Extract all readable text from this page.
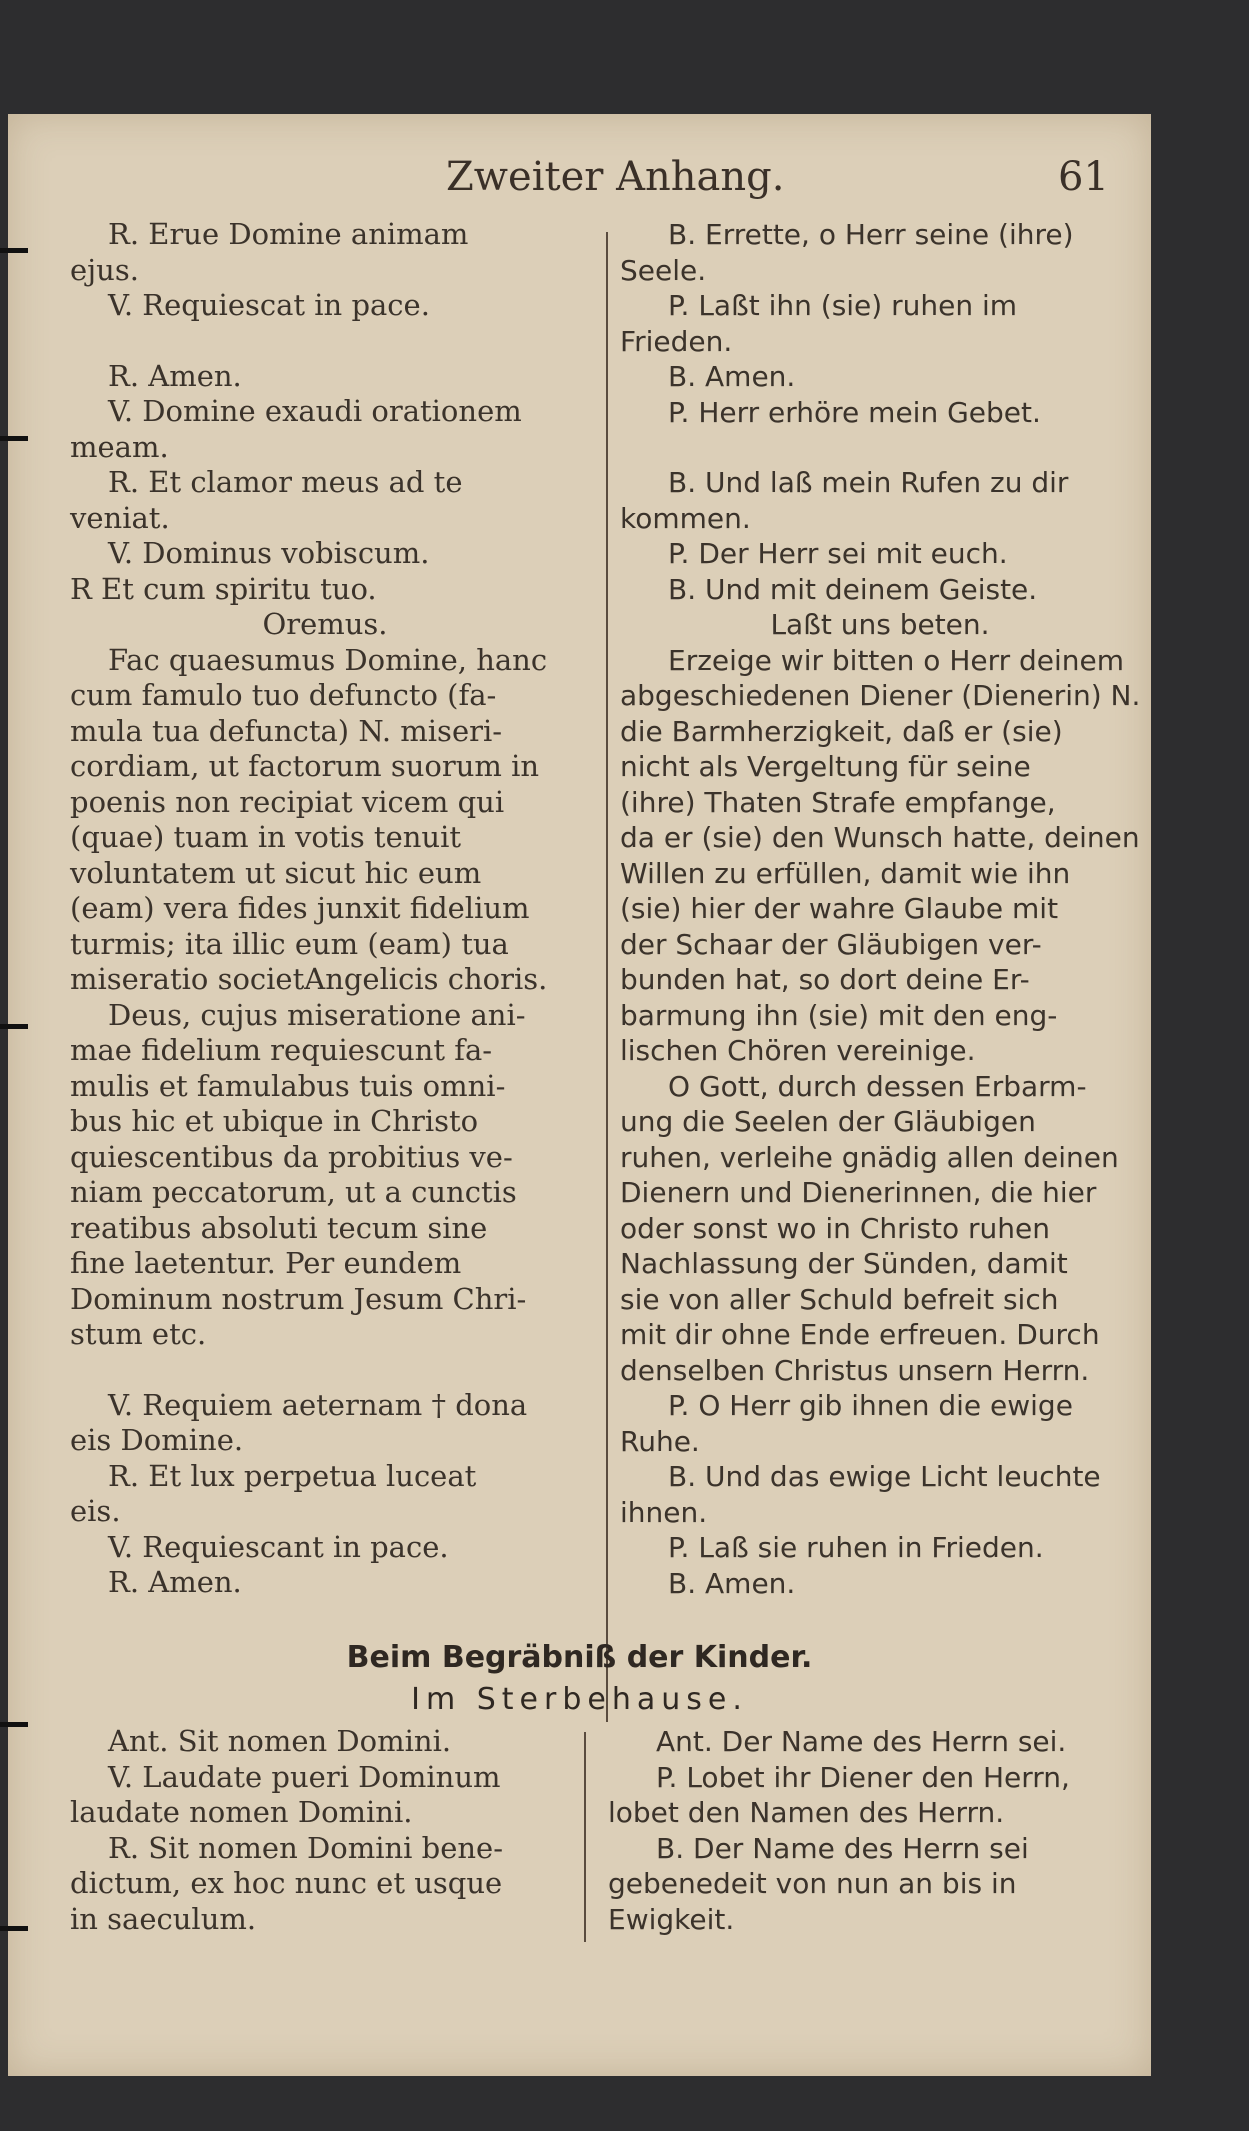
Zweiter Anhang.	61

R. Erue Domine animam

ejus.

V. Requiescat in pace.

R. Amen.

V. Domine exaudi orationem

meam.

R. Et clamor meus ad te

veniat.

V. Dominus vobiscum.

R Et cum spiritu tuo.

Oremus.

Fac quaesumus Domine, hanc

cum famulo tuo defuncto (fa-

mula tua defuncta) N. miseri-

cordiam, ut factorum suorum in

poenis non recipiat vicem qui

(quae) tuam in votis tenuit

voluntatem ut sicut hic eum

(eam) vera fides junxit fidelium

turmis; ita illic eum (eam) tua

miseratio societAngelicis choris.

Deus, cujus miseratione ani-

mae fidelium requiescunt fa-

mulis et famulabus tuis omni-

bus hic et ubique in Christo

quiescentibus da probitius ve-

niam peccatorum, ut a cunctis

reatibus absoluti tecum sine

fine laetentur. Per eundem

Dominum nostrum Jesum Chri-

stum etc.

V. Requiem aeternam † dona

eis Domine.

R. Et lux perpetua luceat

eis.

V. Requiescant in pace.

R. Amen.

B. Errette, o Herr seine (ihre)

Seele.

P. Laßt ihn (sie) ruhen im

Frieden.

B. Amen.

P. Herr erhöre mein Gebet.

B. Und laß mein Rufen zu dir

kommen.

P. Der Herr sei mit euch.

B. Und mit deinem Geiste.

Laßt uns beten.

Erzeige wir bitten o Herr deinem

abgeschiedenen Diener (Dienerin) N.

die Barmherzigkeit, daß er (sie)

nicht als Vergeltung für seine

(ihre) Thaten Strafe empfange,

da er (sie) den Wunsch hatte, deinen

Willen zu erfüllen, damit wie ihn

(sie) hier der wahre Glaube mit

der Schaar der Gläubigen ver-

bunden hat, so dort deine Er-

barmung ihn (sie) mit den eng-

lischen Chören vereinige.

O Gott, durch dessen Erbarm-

ung die Seelen der Gläubigen

ruhen, verleihe gnädig allen deinen

Dienern und Dienerinnen, die hier

oder sonst wo in Christo ruhen

Nachlassung der Sünden, damit

sie von aller Schuld befreit sich

mit dir ohne Ende erfreuen. Durch

denselben Christus unsern Herrn.

P. O Herr gib ihnen die ewige

Ruhe.

B. Und das ewige Licht leuchte

ihnen.

P. Laß sie ruhen in Frieden.

B. Amen.

Beim Begräbniß der Kinder.
Im Sterbehause.

Ant. Sit nomen Domini.

V. Laudate pueri Dominum

laudate nomen Domini.

R. Sit nomen Domini bene-

dictum, ex hoc nunc et usque

in saeculum.

Ant. Der Name des Herrn sei.

P. Lobet ihr Diener den Herrn,

lobet den Namen des Herrn.

B. Der Name des Herrn sei

gebenedeit von nun an bis in

Ewigkeit.
